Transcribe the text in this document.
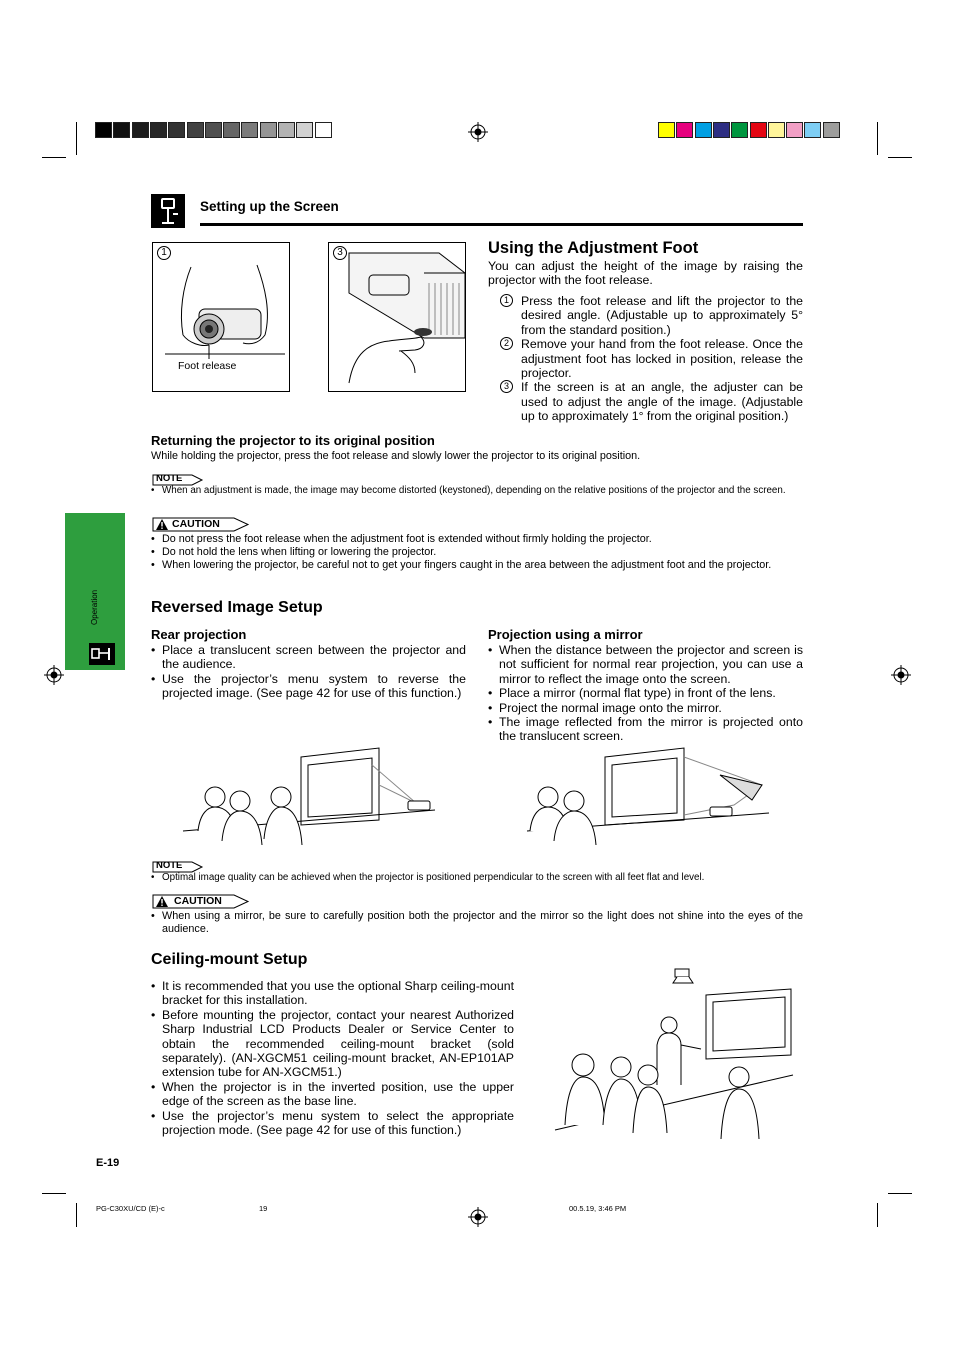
Setting up the Screen
1
Foot release
3	Using the Adjustment Foot
You can adjust the height of the image by raising the projector with the foot release.
1 Press the foot release and lift the projector to the desired angle. (Adjustable up to approximately 5° from the standard position.)
2 Remove your hand from the foot release. Once the adjustment foot has locked in position, release the projector.
3 If the screen is at an angle, the adjuster can be used to adjust the angle of the image. (Adjustable up to approximately 1° from the original position.)
Returning the projector to its original position
While holding the projector, press the foot release and slowly lower the projector to its original position.
NOTE
• When an adjustment is made, the image may become distorted (keystoned), depending on the relative positions of the projector and the screen.
CAUTION
• Do not press the foot release when the adjustment foot is extended without firmly holding the projector.
• Do not hold the lens when lifting or lowering the projector.
• When lowering the projector, be careful not to get your fingers caught in the area between the adjustment foot and the projector.
Reversed Image Setup
Rear projection
• Place a translucent screen between the projector and the audience.
• Use the projector’s menu system to reverse the projected image. (See page 42 for use of this function.)
Projection using a mirror
• When the distance between the projector and screen is not sufficient for normal rear projection, you can use a mirror to reflect the image onto the screen.
• Place a mirror (normal flat type) in front of the lens.
• Project the normal image onto the mirror.
• The image reflected from the mirror is projected onto the translucent screen.
NOTE
• Optimal image quality can be achieved when the projector is positioned perpendicular to the screen with all feet flat and level.
CAUTION
• When using a mirror, be sure to carefully position both the projector and the mirror so the light does not shine into the eyes of the audience.
Ceiling-mount Setup
• It is recommended that you use the optional Sharp ceiling-mount bracket for this installation.
• Before mounting the projector, contact your nearest Authorized Sharp Industrial LCD Products Dealer or Service Center to obtain the recommended ceiling-mount bracket (sold separately). (AN-XGCM51 ceiling-mount bracket, AN-EP101AP extension tube for AN-XGCM51.)
• When the projector is in the inverted position, use the upper edge of the screen as the base line.
• Use the projector’s menu system to select the appropriate projection mode. (See page 42 for use of this function.)
Operation
E-19
PG-C30XU/CD (E)-c	19	00.5.19, 3:46 PM
